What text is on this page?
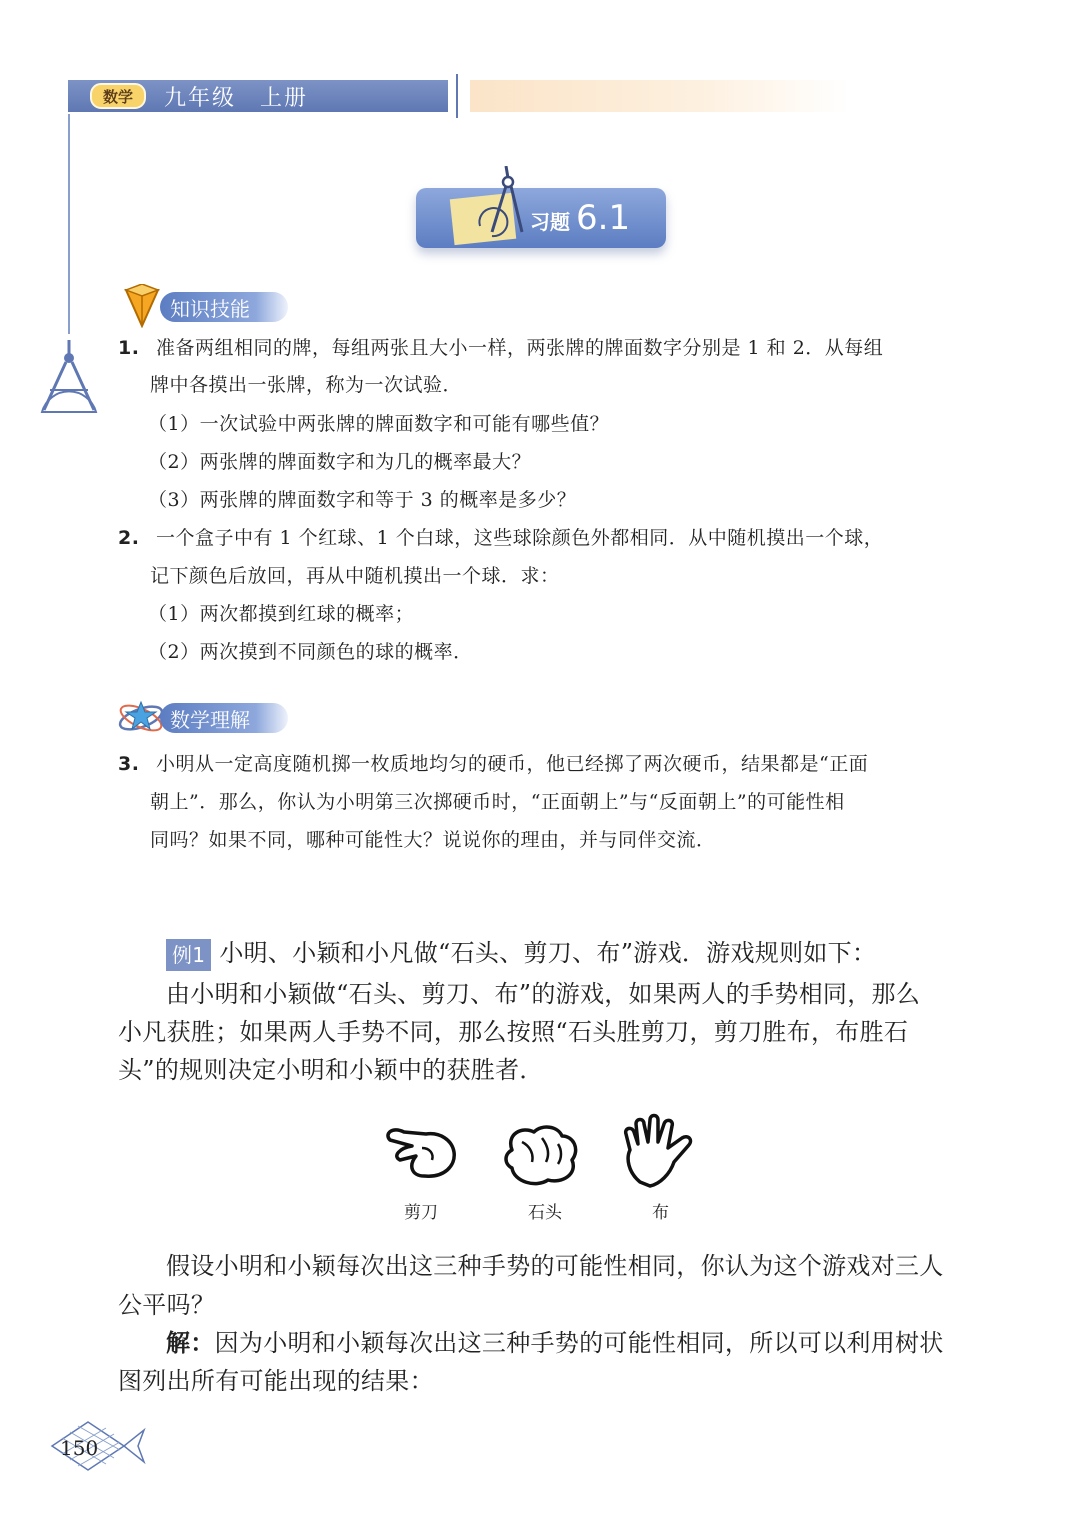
数学	九年级　上册
习题 6.1
知识技能
1. 准备两组相同的牌，每组两张且大小一样，两张牌的牌面数字分别是 1 和 2．从每组
牌中各摸出一张牌，称为一次试验．
（1）一次试验中两张牌的牌面数字和可能有哪些值？
（2）两张牌的牌面数字和为几的概率最大？
（3）两张牌的牌面数字和等于 3 的概率是多少？
2. 一个盒子中有 1 个红球、1 个白球，这些球除颜色外都相同．从中随机摸出一个球，
记下颜色后放回，再从中随机摸出一个球．求：
（1）两次都摸到红球的概率；
（2）两次摸到不同颜色的球的概率．
数学理解
3. 小明从一定高度随机掷一枚质地均匀的硬币，他已经掷了两次硬币，结果都是“正面
朝上”．那么，你认为小明第三次掷硬币时，“正面朝上”与“反面朝上”的可能性相
同吗？如果不同，哪种可能性大？说说你的理由，并与同伴交流．
例1 小明、小颖和小凡做“石头、剪刀、布”游戏．游戏规则如下：
由小明和小颖做“石头、剪刀、布”的游戏，如果两人的手势相同，那么
小凡获胜；如果两人手势不同，那么按照“石头胜剪刀，剪刀胜布，布胜石
头”的规则决定小明和小颖中的获胜者．
剪刀	石头	布
假设小明和小颖每次出这三种手势的可能性相同，你认为这个游戏对三人
公平吗？
解：因为小明和小颖每次出这三种手势的可能性相同，所以可以利用树状
图列出所有可能出现的结果：
150
